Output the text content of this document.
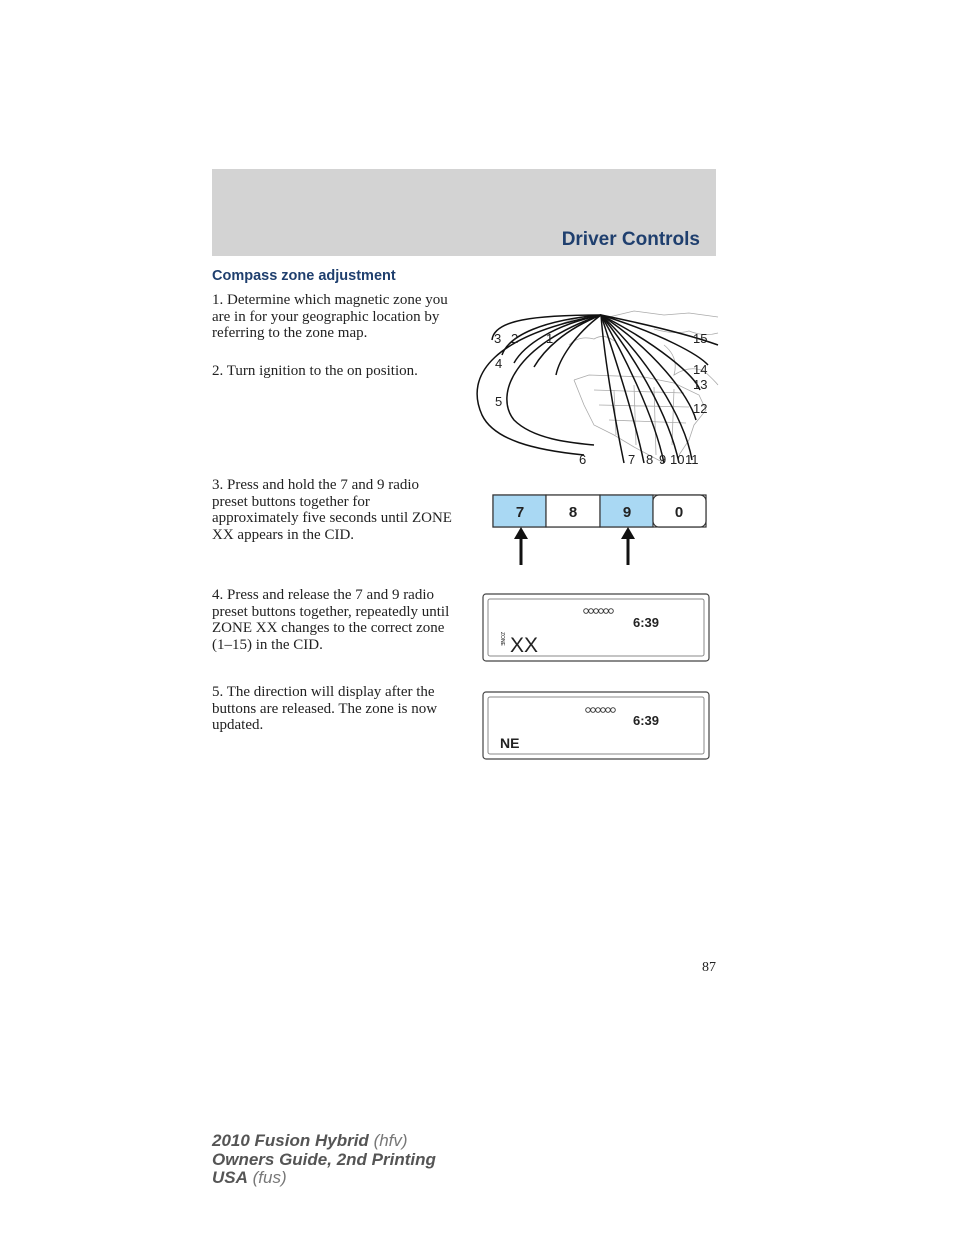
Driver Controls
Compass zone adjustment

1. Determine which magnetic zone you are in for your geographic location by referring to the zone map.

2. Turn ignition to the on position.

3. Press and hold the 7 and 9 radio preset buttons together for approximately five seconds until ZONE XX appears in the CID.

4. Press and release the 7 and 9 radio preset buttons together, repeatedly until ZONE XX changes to the correct zone (1–15) in the CID.

5. The direction will display after the buttons are released. The zone is now updated.

3 2 1
4
5
6	7 8 9 10 11
12
13
14
15
7	8	9	0
6:39
ZONE XX
6:39
NE
87
2010 Fusion Hybrid (hfv)
Owners Guide, 2nd Printing
USA (fus)
